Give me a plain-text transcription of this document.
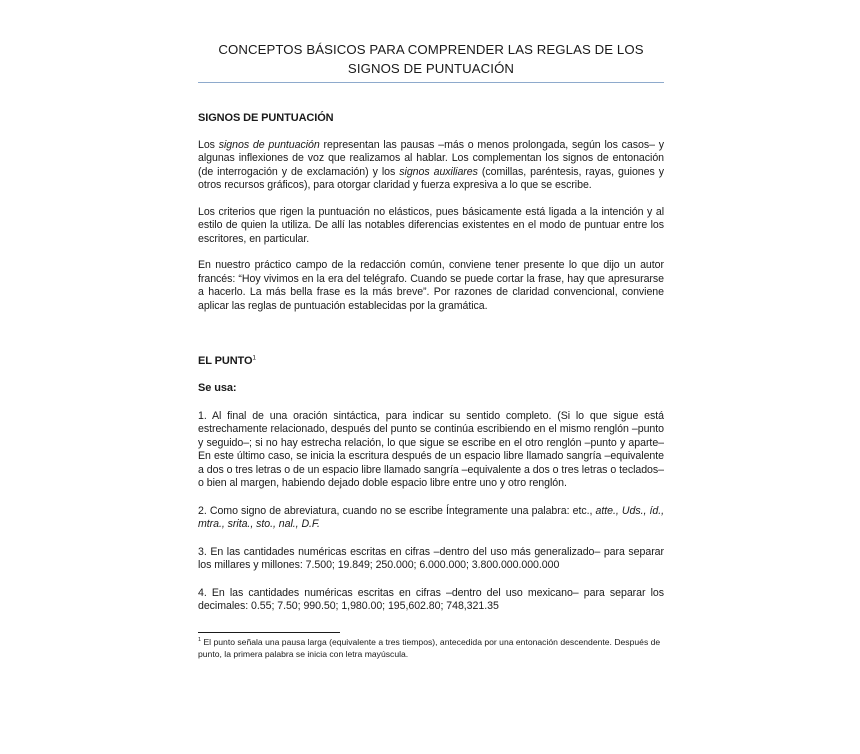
CONCEPTOS BÁSICOS PARA COMPRENDER LAS REGLAS DE LOS
SIGNOS DE PUNTUACIÓN
SIGNOS DE PUNTUACIÓN

Los signos de puntuación representan las pausas –más o menos prolongada, según los casos– y algunas inflexiones de voz que realizamos al hablar. Los complementan los signos de entonación (de interrogación y de exclamación) y los signos auxiliares (comillas, paréntesis, rayas, guiones y otros recursos gráficos), para otorgar claridad y fuerza expresiva a lo que se escribe.

Los criterios que rigen la puntuación no elásticos, pues básicamente está ligada a la intención y al estilo de quien la utiliza. De allí las notables diferencias existentes en el modo de puntuar entre los escritores, en particular.

En nuestro práctico campo de la redacción común, conviene tener presente lo que dijo un autor francés: “Hoy vivimos en la era del telégrafo. Cuando se puede cortar la frase, hay que apresurarse a hacerlo. La más bella frase es la más breve”. Por razones de claridad convencional, conviene aplicar las reglas de puntuación establecidas por la gramática.

EL PUNTO$^1$
Se usa:

1. Al final de una oración sintáctica, para indicar su sentido completo. (Si lo que sigue está estrechamente relacionado, después del punto se continúa escribiendo en el mismo renglón –punto y seguido–; si no hay estrecha relación, lo que sigue se escribe en el otro renglón –punto y aparte– En este último caso, se inicia la escritura después de un espacio libre llamado sangría –equivalente a dos o tres letras o de un espacio libre llamado sangría –equivalente a dos o tres letras o teclados– o bien al margen, habiendo dejado doble espacio libre entre uno y otro renglón.

2. Como signo de abreviatura, cuando no se escribe Íntegramente una palabra: etc., atte., Uds., íd., mtra., srita., sto., nal., D.F.

3. En las cantidades numéricas escritas en cifras –dentro del uso más generalizado– para separar los millares y millones: 7.500; 19.849; 250.000; 6.000.000; 3.800.000.000.000

4. En las cantidades numéricas escritas en cifras –dentro del uso mexicano– para separar los decimales: 0.55; 7.50; 990.50; 1,980.00; 195,602.80; 748,321.35

$^1$ El punto señala una pausa larga (equivalente a tres tiempos), antecedida por una entonación descendente. Después de punto, la primera palabra se inicia con letra mayúscula.
